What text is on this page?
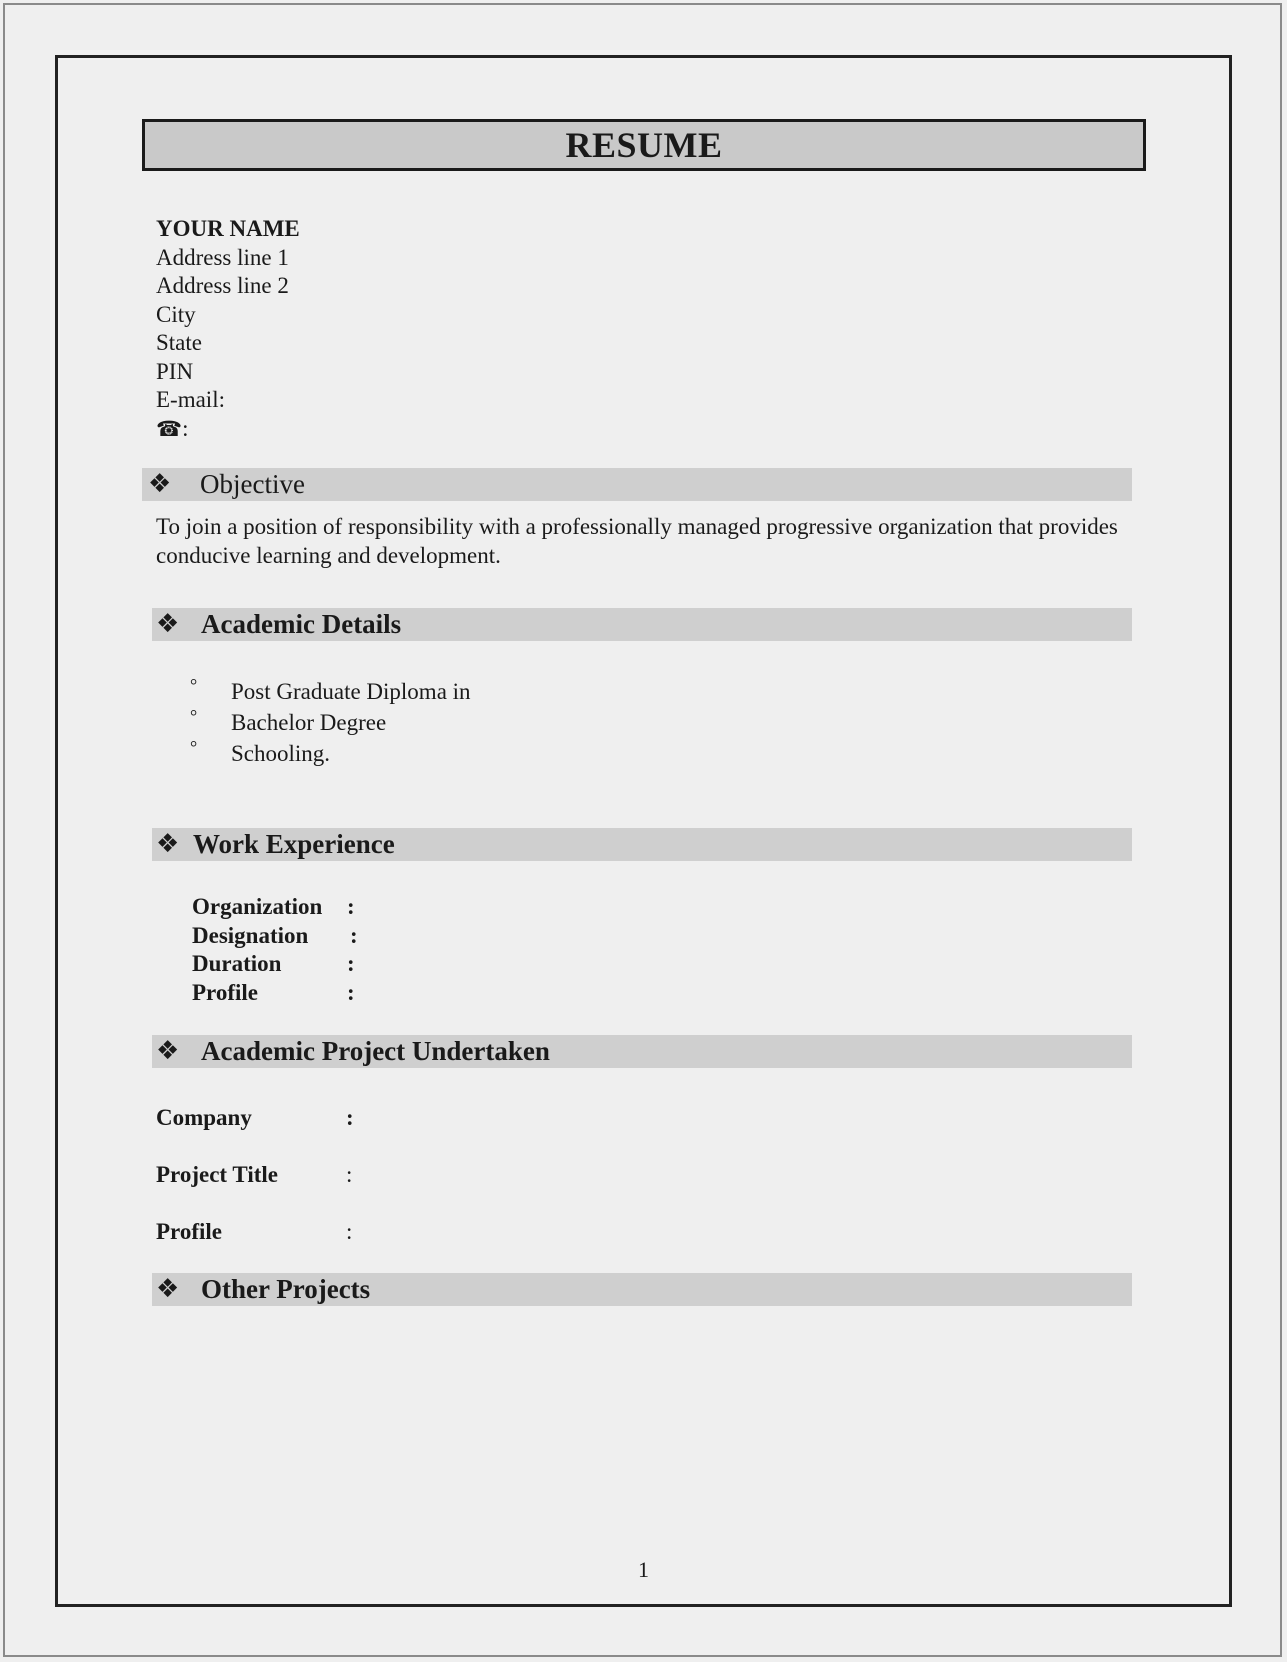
RESUME
YOUR NAME
Address line 1
Address line 2
City
State
PIN
E-mail:
☎:
❖ Objective
To join a position of responsibility with a professionally managed progressive organization that provides conducive learning and development.
❖ Academic Details
° Post Graduate Diploma in
° Bachelor Degree
° Schooling.
❖ Work Experience
Organization :
Designation :
Duration	:
Profile	:
❖ Academic Project Undertaken
Company	:
Project Title	:
Profile	:
❖ Other Projects
1
